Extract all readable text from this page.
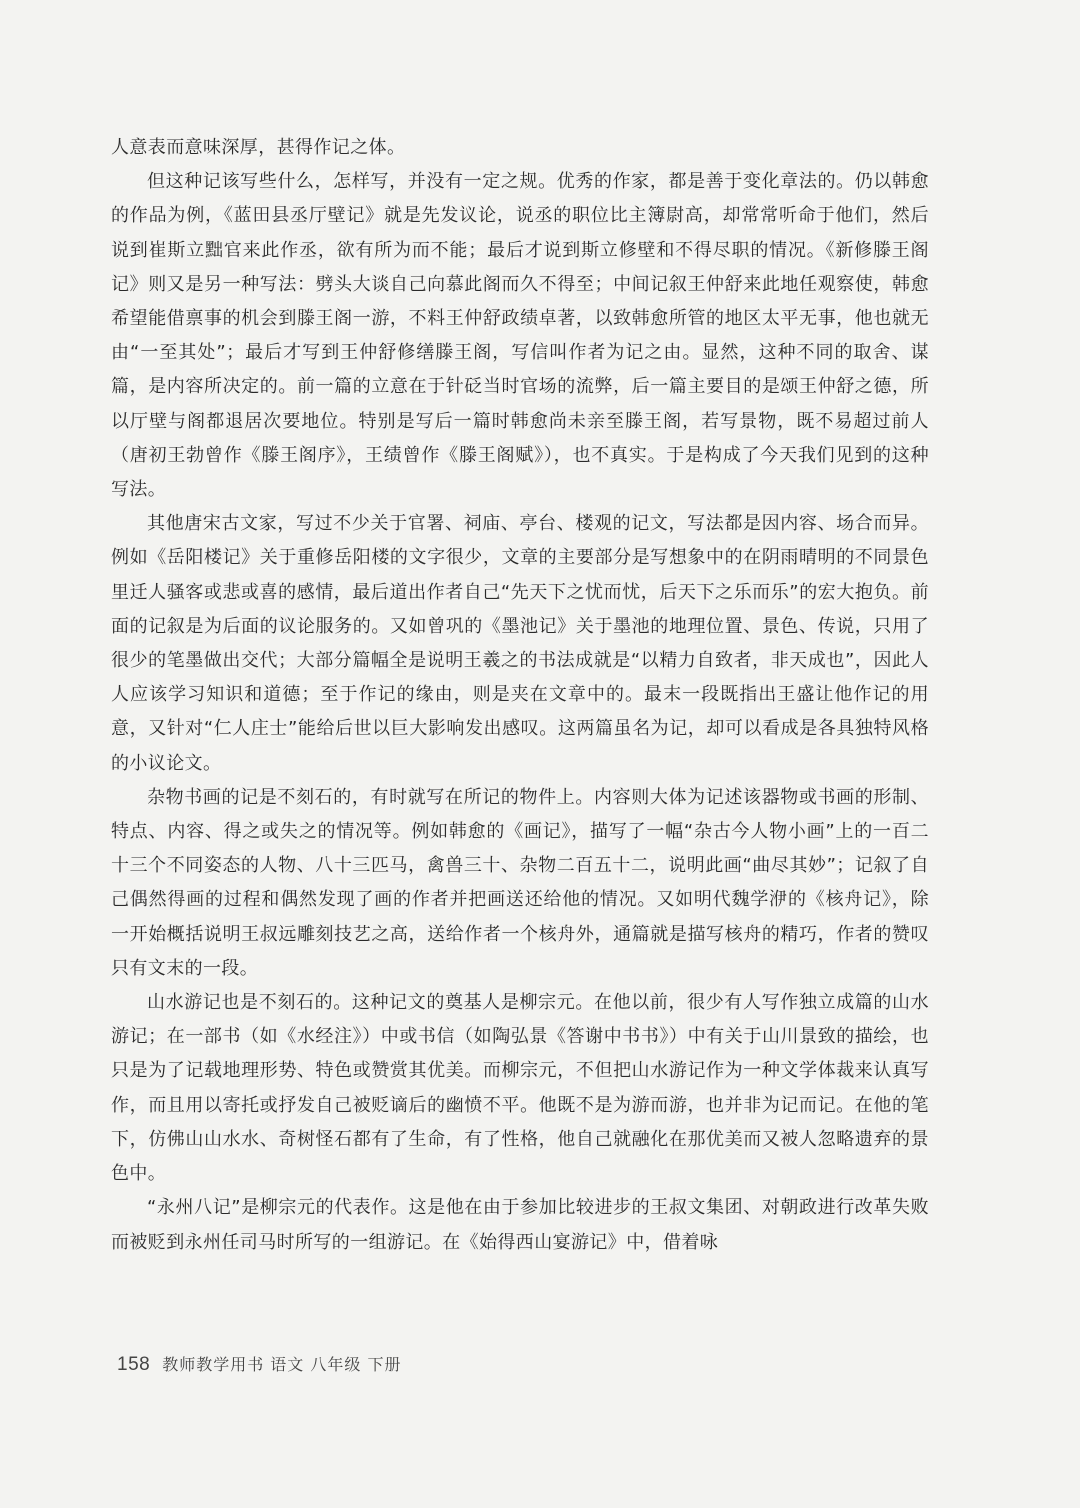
人意表而意味深厚，甚得作记之体。

但这种记该写些什么，怎样写，并没有一定之规。优秀的作家，都是善于变化章法的。仍以韩愈的作品为例，《蓝田县丞厅壁记》就是先发议论，说丞的职位比主簿尉高，却常常听命于他们，然后说到崔斯立黜官来此作丞，欲有所为而不能；最后才说到斯立修壁和不得尽职的情况。《新修滕王阁记》则又是另一种写法：劈头大谈自己向慕此阁而久不得至；中间记叙王仲舒来此地任观察使，韩愈希望能借禀事的机会到滕王阁一游，不料王仲舒政绩卓著，以致韩愈所管的地区太平无事，他也就无由“一至其处”；最后才写到王仲舒修缮滕王阁，写信叫作者为记之由。显然，这种不同的取舍、谋篇，是内容所决定的。前一篇的立意在于针砭当时官场的流弊，后一篇主要目的是颂王仲舒之德，所以厅壁与阁都退居次要地位。特别是写后一篇时韩愈尚未亲至滕王阁，若写景物，既不易超过前人（唐初王勃曾作《滕王阁序》，王绩曾作《滕王阁赋》），也不真实。于是构成了今天我们见到的这种写法。

其他唐宋古文家，写过不少关于官署、祠庙、亭台、楼观的记文，写法都是因内容、场合而异。例如《岳阳楼记》关于重修岳阳楼的文字很少，文章的主要部分是写想象中的在阴雨晴明的不同景色里迁人骚客或悲或喜的感情，最后道出作者自己“先天下之忧而忧，后天下之乐而乐”的宏大抱负。前面的记叙是为后面的议论服务的。又如曾巩的《墨池记》关于墨池的地理位置、景色、传说，只用了很少的笔墨做出交代；大部分篇幅全是说明王羲之的书法成就是“以精力自致者，非天成也”，因此人人应该学习知识和道德；至于作记的缘由，则是夹在文章中的。最末一段既指出王盛让他作记的用意，又针对“仁人庄士”能给后世以巨大影响发出感叹。这两篇虽名为记，却可以看成是各具独特风格的小议论文。

杂物书画的记是不刻石的，有时就写在所记的物件上。内容则大体为记述该器物或书画的形制、特点、内容、得之或失之的情况等。例如韩愈的《画记》，描写了一幅“杂古今人物小画”上的一百二十三个不同姿态的人物、八十三匹马，禽兽三十、杂物二百五十二，说明此画“曲尽其妙”；记叙了自己偶然得画的过程和偶然发现了画的作者并把画送还给他的情况。又如明代魏学洢的《核舟记》，除一开始概括说明王叔远雕刻技艺之高，送给作者一个核舟外，通篇就是描写核舟的精巧，作者的赞叹只有文末的一段。

山水游记也是不刻石的。这种记文的奠基人是柳宗元。在他以前，很少有人写作独立成篇的山水游记；在一部书（如《水经注》）中或书信（如陶弘景《答谢中书书》）中有关于山川景致的描绘，也只是为了记载地理形势、特色或赞赏其优美。而柳宗元，不但把山水游记作为一种文学体裁来认真写作，而且用以寄托或抒发自己被贬谪后的幽愤不平。他既不是为游而游，也并非为记而记。在他的笔下，仿佛山山水水、奇树怪石都有了生命，有了性格，他自己就融化在那优美而又被人忽略遗弃的景色中。

“永州八记”是柳宗元的代表作。这是他在由于参加比较进步的王叔文集团、对朝政进行改革失败而被贬到永州任司马时所写的一组游记。在《始得西山宴游记》中，借着咏

158 教师教学用书 语文 八年级 下册
